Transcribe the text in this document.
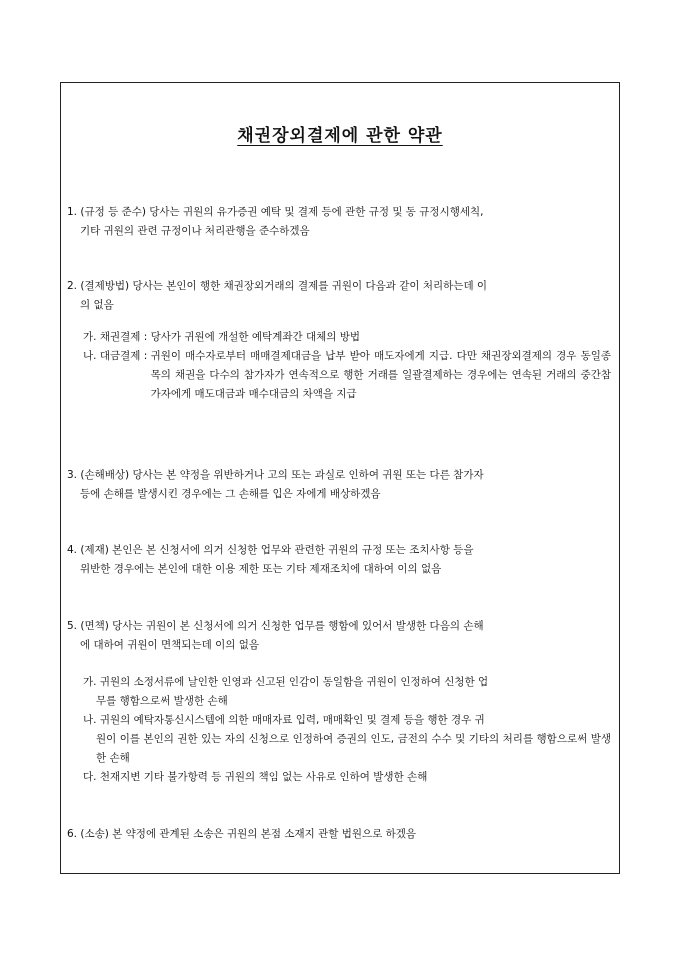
채권장외결제에 관한 약관
1. (규정 등 준수) 당사는 귀원의 유가증권 예탁 및 결제 등에 관한 규정 및 동 규정시행세칙,
기타 귀원의 관련 규정이나 처리관행을 준수하겠음
2. (결제방법) 당사는 본인이 행한 채권장외거래의 결제를 귀원이 다음과 같이 처리하는데 이
의 없음
가. 채권결제 : 당사가 귀원에 개설한 예탁계좌간 대체의 방법
나. 대금결제 : 귀원이 매수자로부터 매매결제대금을 납부 받아 매도자에게 지급. 다만 채권장외결제의 경우 동일종목의 채권을 다수의 참가자가 연속적으로 행한 거래를 일괄결제하는 경우에는 연속된 거래의 중간참가자에게 매도대금과 매수대금의 차액을 지급
3. (손해배상) 당사는 본 약정을 위반하거나 고의 또는 과실로 인하여 귀원 또는 다른 참가자
등에 손해를 발생시킨 경우에는 그 손해를 입은 자에게 배상하겠음
4. (제재) 본인은 본 신청서에 의거 신청한 업무와 관련한 귀원의 규정 또는 조치사항 등을
위반한 경우에는 본인에 대한 이용 제한 또는 기타 제재조치에 대하여 이의 없음
5. (면책) 당사는 귀원이 본 신청서에 의거 신청한 업무를 행함에 있어서 발생한 다음의 손해
에 대하여 귀원이 면책되는데 이의 없음
가. 귀원의 소정서류에 날인한 인영과 신고된 인감이 동일함을 귀원이 인정하여 신청한 업
무를 행함으로써 발생한 손해
나. 귀원의 예탁자통신시스템에 의한 매매자료 입력, 매매확인 및 결제 등을 행한 경우 귀
원이 이를 본인의 권한 있는 자의 신청으로 인정하여 증권의 인도, 금전의 수수 및 기타의 처리를 행함으로써 발생한 손해
다. 천재지변 기타 불가항력 등 귀원의 책임 없는 사유로 인하여 발생한 손해
6. (소송) 본 약정에 관계된 소송은 귀원의 본점 소재지 관할 법원으로 하겠음
